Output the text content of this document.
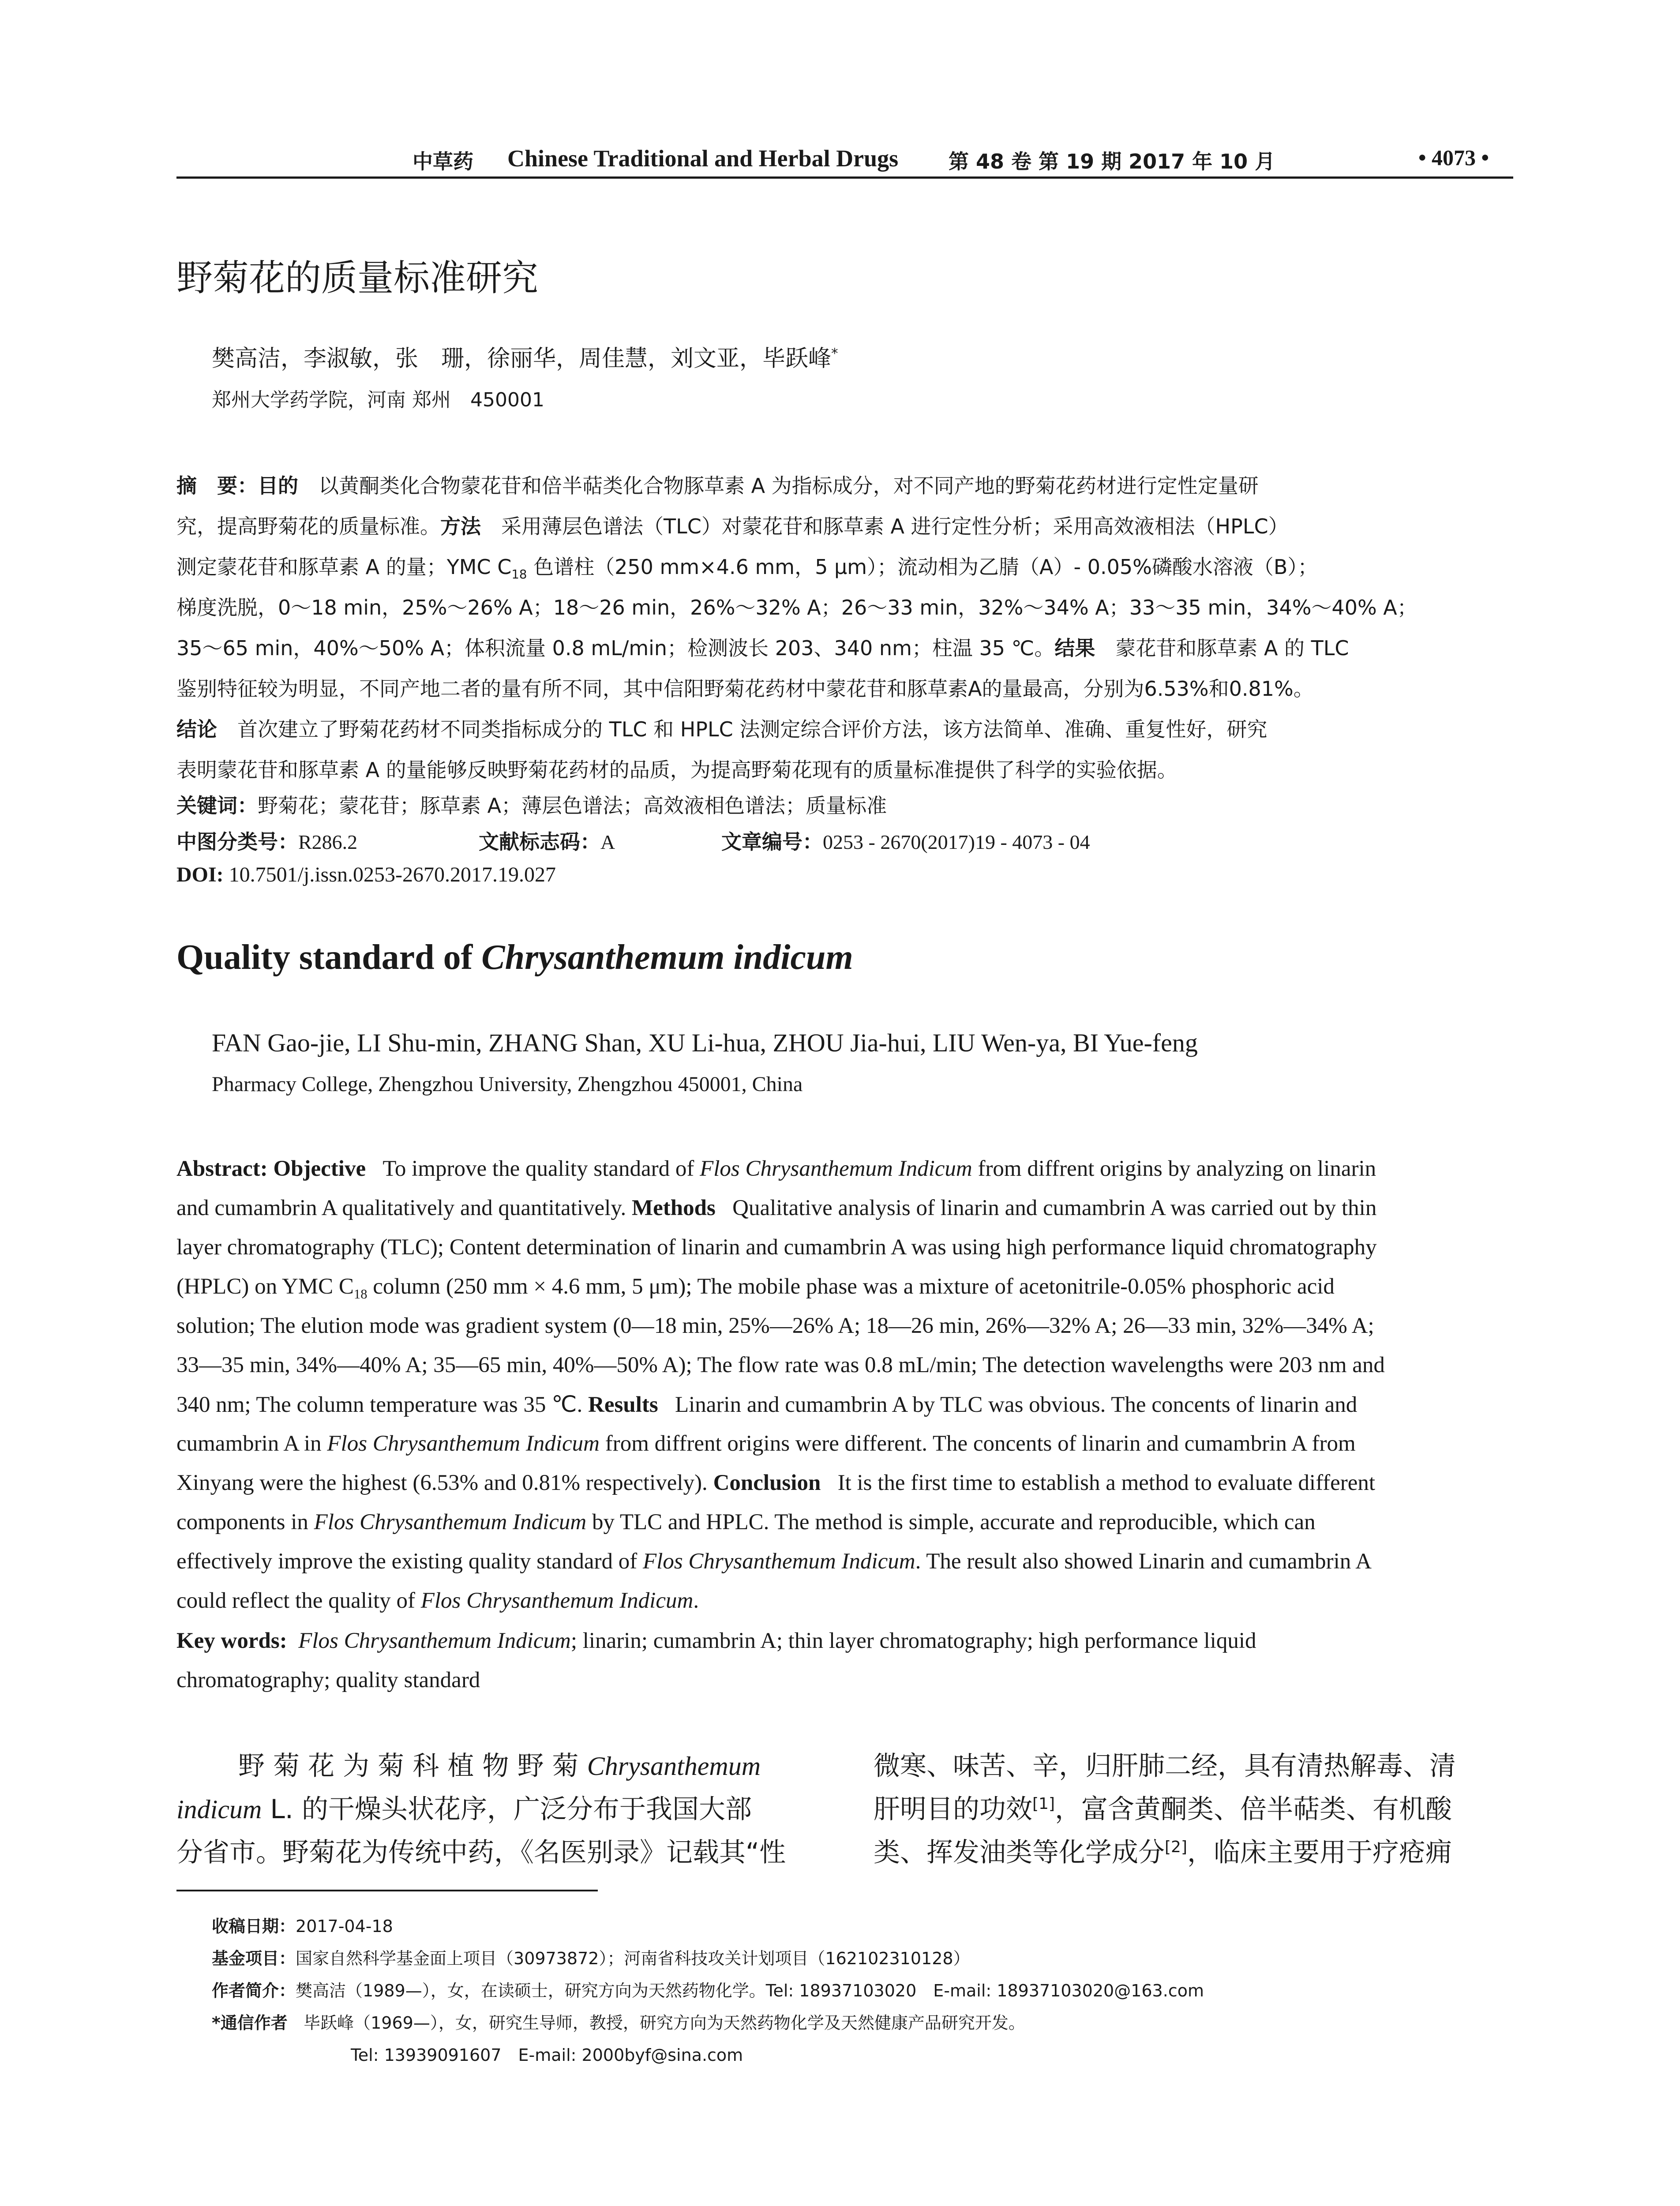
中草药 Chinese Traditional and Herbal Drugs 第 48 卷 第 19 期 2017 年 10 月	• 4073 •
野菊花的质量标准研究
樊高洁，李淑敏，张　珊，徐丽华，周佳慧，刘文亚，毕跃峰*
郑州大学药学院，河南 郑州　450001
摘　要：目的　以黄酮类化合物蒙花苷和倍半萜类化合物豚草素 A 为指标成分，对不同产地的野菊花药材进行定性定量研
究，提高野菊花的质量标准。方法　采用薄层色谱法（TLC）对蒙花苷和豚草素 A 进行定性分析；采用高效液相法（HPLC）
测定蒙花苷和豚草素 A 的量；YMC $C_{18}$ 色谱柱（250 mm×4.6 mm，5 μm）；流动相为乙腈（A）- 0.05%磷酸水溶液（B）；
梯度洗脱，0～18 min，25%～26% A；18～26 min，26%～32% A；26～33 min，32%～34% A；33～35 min，34%～40% A；
35～65 min，40%～50% A；体积流量 0.8 mL/min；检测波长 203、340 nm；柱温 35 ℃。结果　蒙花苷和豚草素 A 的 TLC
鉴别特征较为明显，不同产地二者的量有所不同，其中信阳野菊花药材中蒙花苷和豚草素A的量最高，分别为6.53%和0.81%。
结论　首次建立了野菊花药材不同类指标成分的 TLC 和 HPLC 法测定综合评价方法，该方法简单、准确、重复性好，研究
表明蒙花苷和豚草素 A 的量能够反映野菊花药材的品质，为提高野菊花现有的质量标准提供了科学的实验依据。
关键词：野菊花；蒙花苷；豚草素 A；薄层色谱法；高效液相色谱法；质量标准
中图分类号：R286.2	文献标志码：A	文章编号：0253 - 2670(2017)19 - 4073 - 04
DOI: 10.7501/j.issn.0253-2670.2017.19.027
Quality standard of Chrysanthemum indicum
FAN Gao-jie, LI Shu-min, ZHANG Shan, XU Li-hua, ZHOU Jia-hui, LIU Wen-ya, BI Yue-feng
Pharmacy College, Zhengzhou University, Zhengzhou 450001, China
Abstract: Objective To improve the quality standard of Flos Chrysanthemum Indicum from diffrent origins by analyzing on linarin
and cumambrin A qualitatively and quantitatively. Methods Qualitative analysis of linarin and cumambrin A was carried out by thin
layer chromatography (TLC); Content determination of linarin and cumambrin A was using high performance liquid chromatography
(HPLC) on YMC $C_{18}$ column (250 mm × 4.6 mm, 5 μm); The mobile phase was a mixture of acetonitrile-0.05% phosphoric acid
solution; The elution mode was gradient system (0—18 min, 25%—26% A; 18—26 min, 26%—32% A; 26—33 min, 32%—34% A;
33—35 min, 34%—40% A; 35—65 min, 40%—50% A); The flow rate was 0.8 mL/min; The detection wavelengths were 203 nm and
340 nm; The column temperature was 35 ℃. Results Linarin and cumambrin A by TLC was obvious. The concents of linarin and
cumambrin A in Flos Chrysanthemum Indicum from diffrent origins were different. The concents of linarin and cumambrin A from
Xinyang were the highest (6.53% and 0.81% respectively). Conclusion It is the first time to establish a method to evaluate different
components in Flos Chrysanthemum Indicum by TLC and HPLC. The method is simple, accurate and reproducible, which can
effectively improve the existing quality standard of Flos Chrysanthemum Indicum. The result also showed Linarin and cumambrin A
could reflect the quality of Flos Chrysanthemum Indicum.
Key words: Flos Chrysanthemum Indicum; linarin; cumambrin A; thin layer chromatography; high performance liquid
chromatography; quality standard
野 菊 花 为 菊 科 植 物 野 菊 Chrysanthemum
indicum L. 的干燥头状花序，广泛分布于我国大部
分省市。野菊花为传统中药，《名医别录》记载其“性
微寒、味苦、辛，归肝肺二经，具有清热解毒、清
肝明目的功效[1]，富含黄酮类、倍半萜类、有机酸
类、挥发油类等化学成分[2]，临床主要用于疗疮痈
收稿日期：2017-04-18
基金项目：国家自然科学基金面上项目（30973872）；河南省科技攻关计划项目（162102310128）
作者简介：樊高洁（1989—），女，在读硕士，研究方向为天然药物化学。Tel: 18937103020　E-mail: 18937103020@163.com
*通信作者 毕跃峰（1969—），女，研究生导师，教授，研究方向为天然药物化学及天然健康产品研究开发。
Tel: 13939091607　E-mail: 2000byf@sina.com
